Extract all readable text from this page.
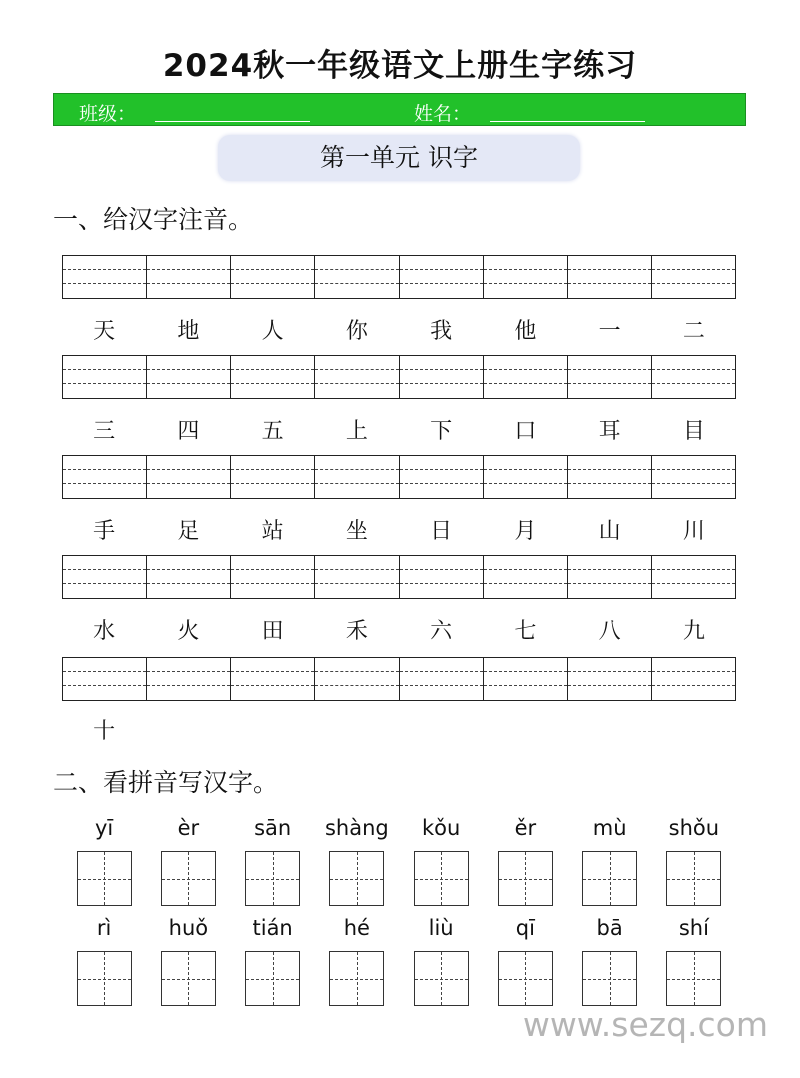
2024秋一年级语文上册生字练习
班级：	姓名：
第一单元 识字
一、给汉字注音。
天	地	人	你	我	他	一	二
三	四	五	上	下	口	耳	目
手	足	站	坐	日	月	山	川
水	火	田	禾	六	七	八	九
十
二、看拼音写汉字。
yī	èr	sān	shàng	kǒu	ěr	mù	shǒu
rì	huǒ	tián	hé	liù	qī	bā	shí
www.sezq.com
